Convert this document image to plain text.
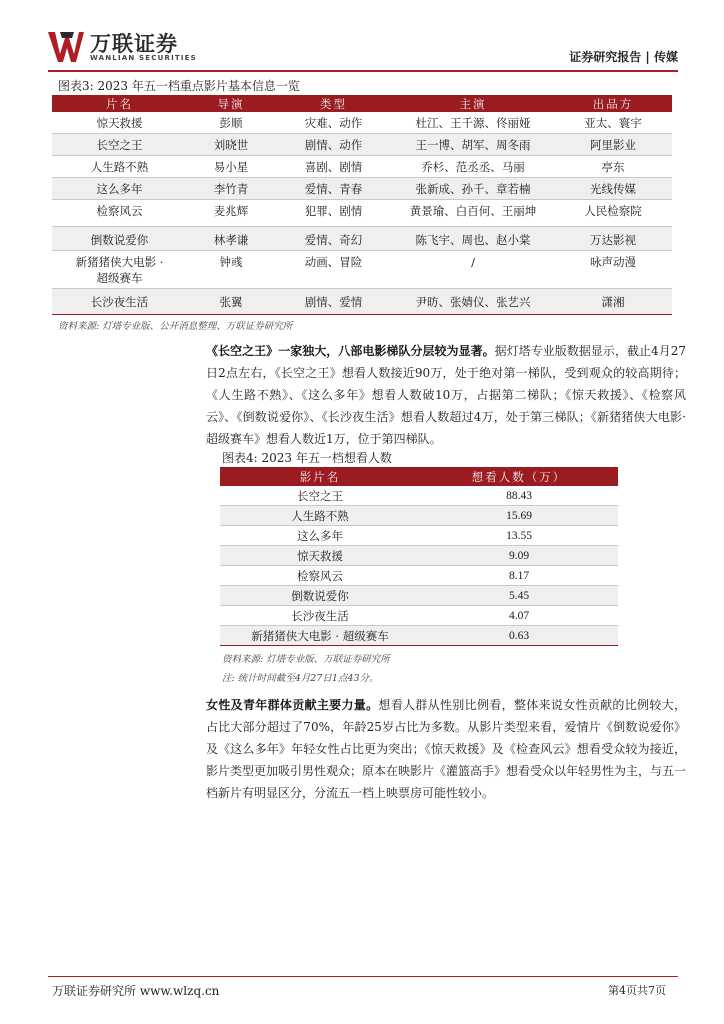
万联证券
WANLIAN SECURITIES	证券研究报告 | 传媒
图表3: 2023 年五一档重点影片基本信息一览
片名	导演	类型	主演	出品方
惊天救援	彭顺	灾难、动作	杜江、王千源、佟丽娅	亚太、寰宇
长空之王	刘晓世	剧情、动作	王一博、胡军、周冬雨	阿里影业
人生路不熟	易小星	喜剧、剧情	乔杉、范丞丞、马丽	亭东
这么多年	李竹青	爱情、青春	张新成、孙千、章若楠	光线传媒
检察风云	麦兆辉	犯罪、剧情	黄景瑜、白百何、王丽坤	人民检察院
倒数说爱你	林孝谦	爱情、奇幻	陈飞宇、周也、赵小棠	万达影视
新猪猪侠大电影 · 超级赛车	钟彧	动画、冒险	/	咏声动漫
长沙夜生活	张翼	剧情、爱情	尹昉、张婧仪、张艺兴	潇湘
资料来源: 灯塔专业版、公开消息整理、万联证券研究所
《长空之王》一家独大，八部电影梯队分层较为显著。据灯塔专业版数据显示，截止4月27日2点左右，《长空之王》想看人数接近90万，处于绝对第一梯队，受到观众的较高期待；《人生路不熟》、《这么多年》想看人数破10万，占据第二梯队；《惊天救援》、《检察风云》、《倒数说爱你》、《长沙夜生活》想看人数超过4万，处于第三梯队；《新猪猪侠大电影·超级赛车》想看人数近1万，位于第四梯队。
图表4: 2023 年五一档想看人数
影片名	想看人数（万）
长空之王	88.43
人生路不熟	15.69
这么多年	13.55
惊天救援	9.09
检察风云	8.17
倒数说爱你	5.45
长沙夜生活	4.07
新猪猪侠大电影 · 超级赛车	0.63
资料来源: 灯塔专业版、万联证券研究所
注: 统计时间截至4月27日1点43分。
女性及青年群体贡献主要力量。想看人群从性别比例看，整体来说女性贡献的比例较大，占比大部分超过了70%，年龄25岁占比为多数。从影片类型来看，爱情片《倒数说爱你》及《这么多年》年轻女性占比更为突出；《惊天救援》及《检查风云》想看受众较为接近，影片类型更加吸引男性观众；原本在映影片《灌篮高手》想看受众以年轻男性为主，与五一档新片有明显区分，分流五一档上映票房可能性较小。
万联证券研究所 www.wlzq.cn	第4页共7页
